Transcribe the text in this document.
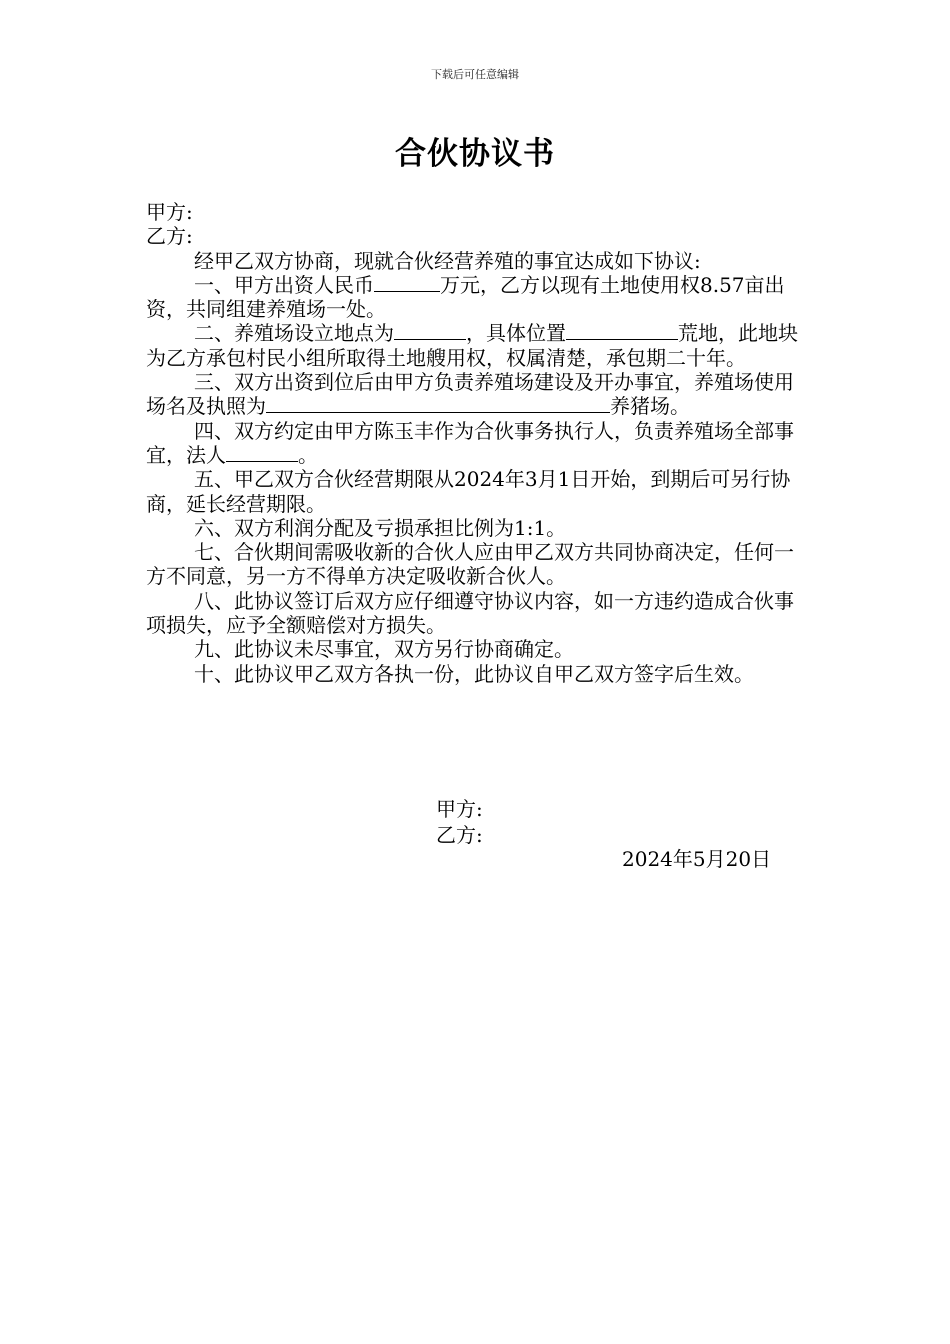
下载后可任意编辑
合伙协议书

甲方:

乙方:

经甲乙双方协商，现就合伙经营养殖的事宜达成如下协议:

一、甲方出资人民币	万元，乙方以现有土地使用权8.57亩出资，共同组建养殖场一处。

二、养殖场设立地点为	，具体位置	荒地，此地块为乙方承包村民小组所取得土地艘用权，权属清楚，承包期二十年。

三、双方出资到位后由甲方负责养殖场建设及开办事宜，养殖场使用场名及执照为	养猪场。

四、双方约定由甲方陈玉丰作为合伙事务执行人，负责养殖场全部事宜，法人	。

五、甲乙双方合伙经营期限从2024年3月1日开始，到期后可另行协商，延长经营期限。

六、双方利润分配及亏损承担比例为1:1。

七、合伙期间需吸收新的合伙人应由甲乙双方共同协商决定，任何一方不同意，另一方不得单方决定吸收新合伙人。

八、此协议签订后双方应仔细遵守协议内容，如一方违约造成合伙事项损失，应予全额赔偿对方损失。

九、此协议未尽事宜，双方另行协商确定。

十、此协议甲乙双方各执一份，此协议自甲乙双方签字后生效。

甲方:

乙方:

2024年5月20日
